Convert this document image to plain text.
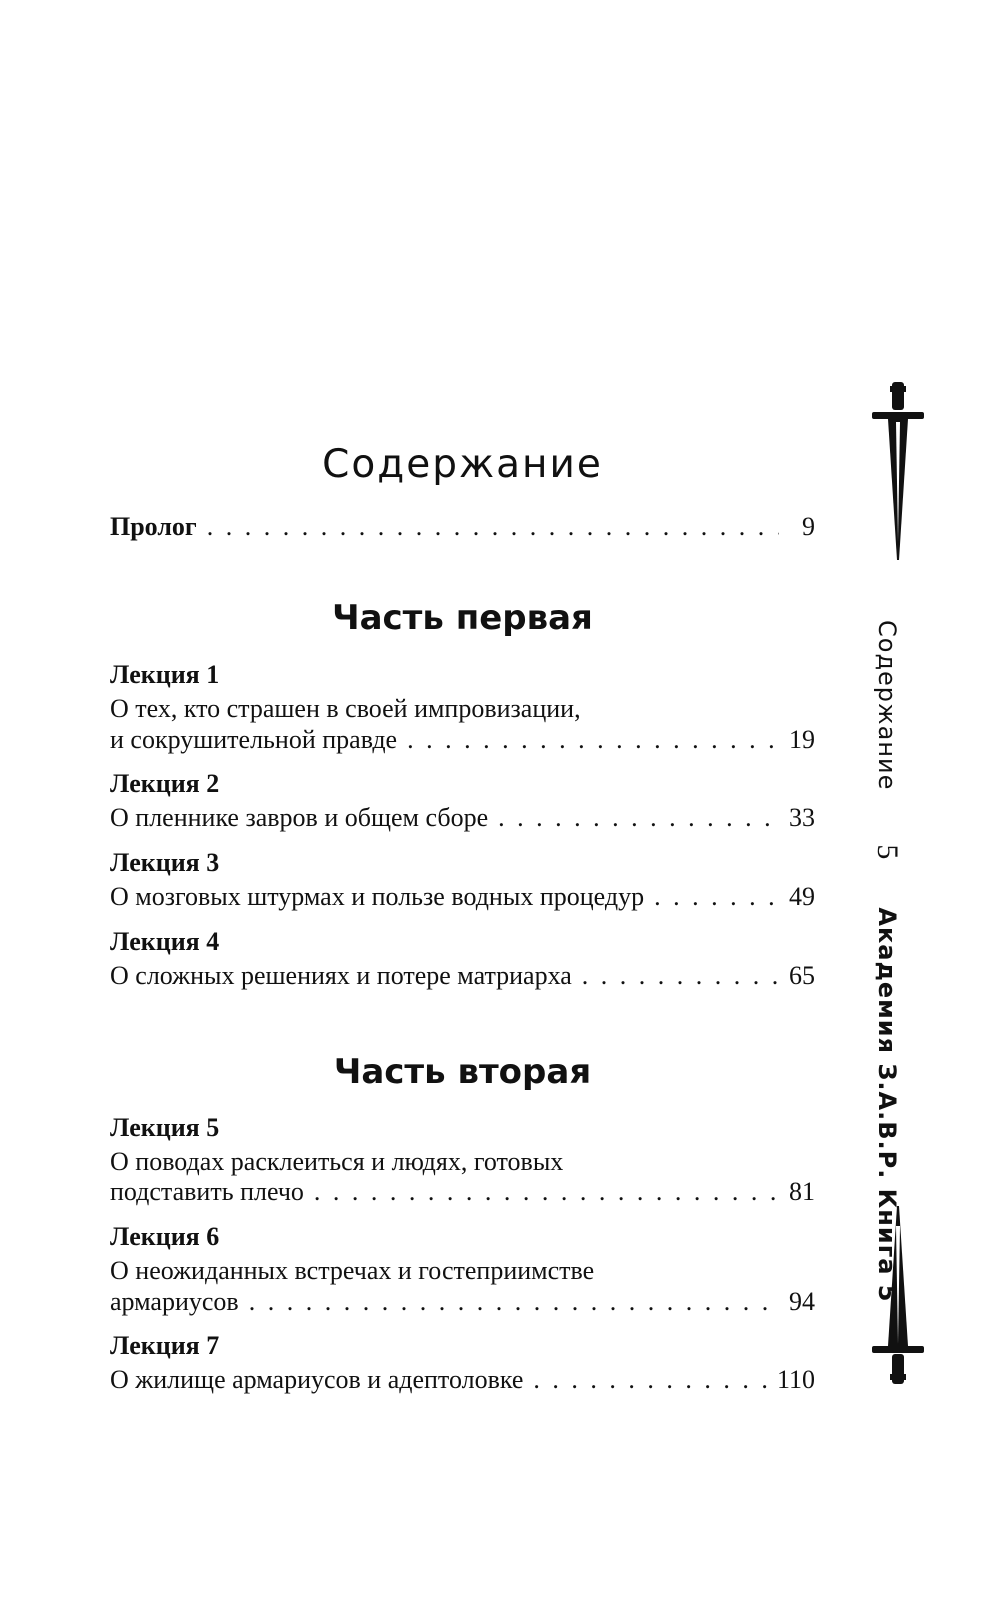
Содержание
Пролог . . .	9
Часть первая
Лекция 1
О тех, кто страшен в своей импровизации,
и сокрушительной правде . . .	19
Лекция 2
О пленнике завров и общем сборе . . .	33
Лекция 3
О мозговых штурмах и пользе водных процедур . . .	49
Лекция 4
О сложных решениях и потере матриарха . . .	65
Часть вторая
Лекция 5
О поводах расклеиться и людях, готовых
подставить плечо . . .	81
Лекция 6
О неожиданных встречах и гостеприимстве
армариусов . . .	94
Лекция 7
О жилище армариусов и адептоловке . . .	110
Содержание
5
Академия З.А.В.Р. Книга 5
